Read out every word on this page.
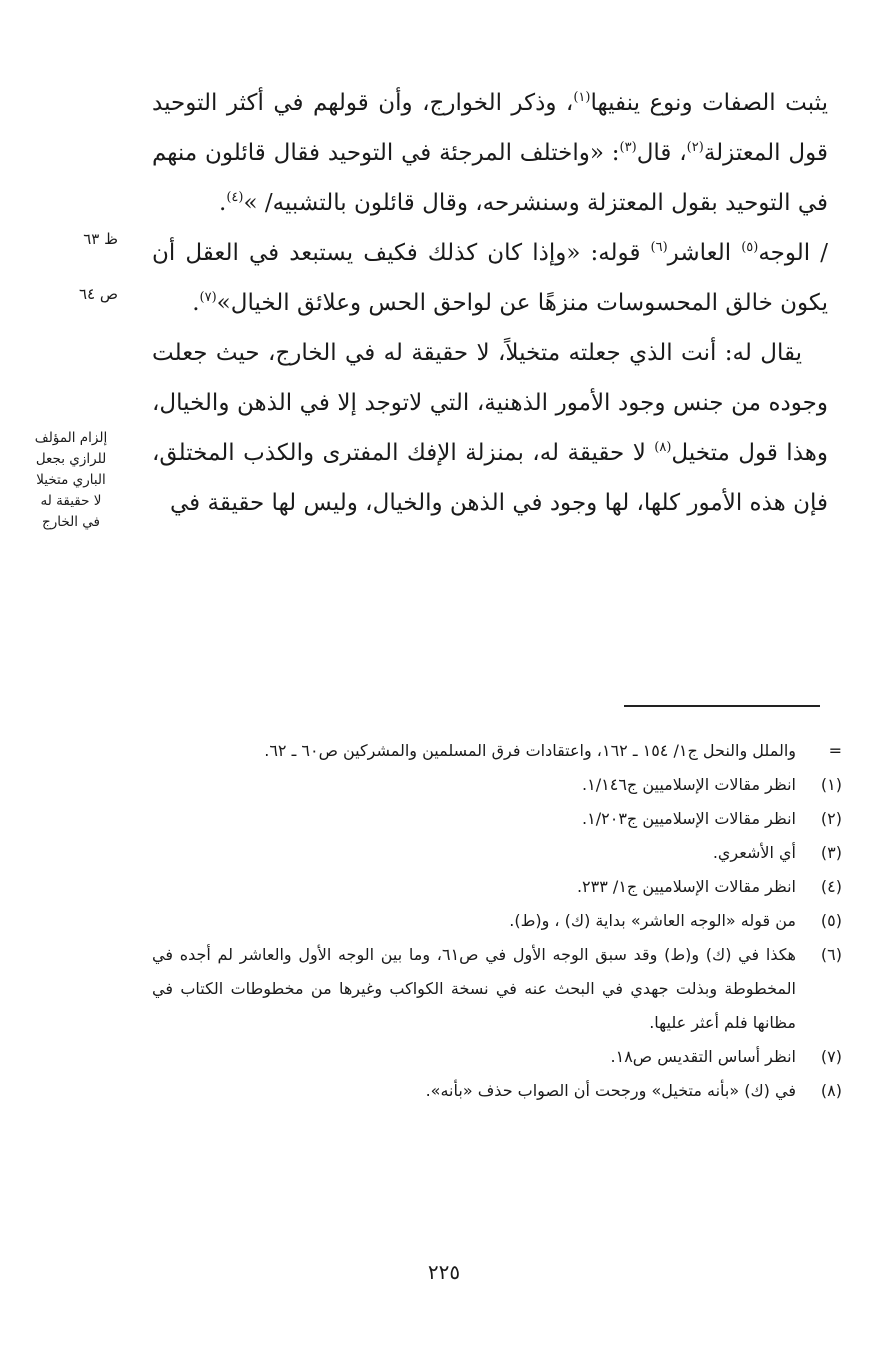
يثبت الصفات ونوع ينفيها$^{(١)}$، وذكر الخوارج، وأن قولهم في أكثر التوحيد قول المعتزلة$^{(٢)}$، قال$^{(٣)}$: «واختلف المرجئة في التوحيد فقال قائلون منهم في التوحيد بقول المعتزلة وسنشرحه، وقال قائلون بالتشبيه/ »$^{(٤)}$.

/ الوجه$^{(٥)}$ العاشر$^{(٦)}$ قوله: «وإذا كان كذلك فكيف يستبعد في العقل أن يكون خالق المحسوسات منزهًا عن لواحق الحس وعلائق الخيال»$^{(٧)}$.

يقال له: أنت الذي جعلته متخيلاً، لا حقيقة له في الخارج، حيث جعلت وجوده من جنس وجود الأمور الذهنية، التي لاتوجد إلا في الذهن والخيال، وهذا قول متخيل$^{(٨)}$ لا حقيقة له، بمنزلة الإفك المفترى والكذب المختلق، فإن هذه الأمور كلها، لها وجود في الذهن والخيال، وليس لها حقيقة في

ظ ٦٣
ص ٦٤
إلزام المؤلف
للرازي بجعل
الباري متخيلا
لا حقيقة له
في الخارج
=
والملل والنحل ج١/ ١٥٤ ـ ١٦٢، واعتقادات فرق المسلمين والمشركين ص٦٠ ـ ٦٢.
(١)
انظر مقالات الإسلاميين ج١/١٤٦.
(٢)
انظر مقالات الإسلاميين ج١/٢٠٣.
(٣)
أي الأشعري.
(٤)
انظر مقالات الإسلاميين ج١/ ٢٣٣.
(٥)
من قوله «الوجه العاشر» بداية (ك) ، و(ط).
(٦)
هكذا في (ك) و(ط) وقد سبق الوجه الأول في ص٦١، وما بين الوجه الأول والعاشر لم أجده في المخطوطة وبذلت جهدي في البحث عنه في نسخة الكواكب وغيرها من مخطوطات الكتاب في مظانها فلم أعثر عليها.
(٧)
انظر أساس التقديس ص١٨.
(٨)
في (ك) «بأنه متخيل» ورجحت أن الصواب حذف «بأنه».
٢٢٥
